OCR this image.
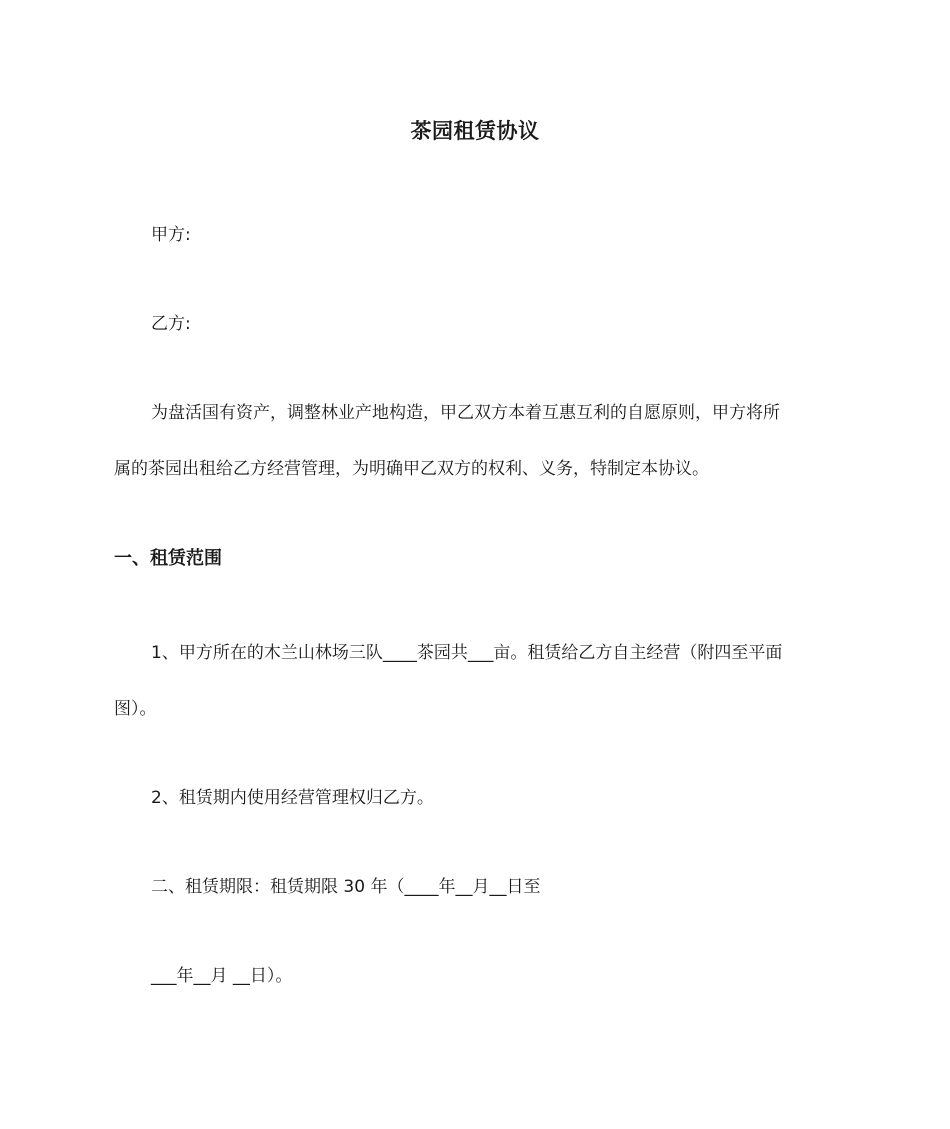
茶园租赁协议
甲方:
乙方:
为盘活国有资产，调整林业产地构造，甲乙双方本着互惠互利的自愿原则，甲方将所
属的茶园出租给乙方经营管理，为明确甲乙双方的权利、义务，特制定本协议。
一、租赁范围
1、甲方所在的木兰山林场三队____茶园共___亩。租赁给乙方自主经营（附四至平面
图）。
2、租赁期内使用经营管理权归乙方。
二、租赁期限：租赁期限 30 年（____年__月__日至
___年__月 __日）。
